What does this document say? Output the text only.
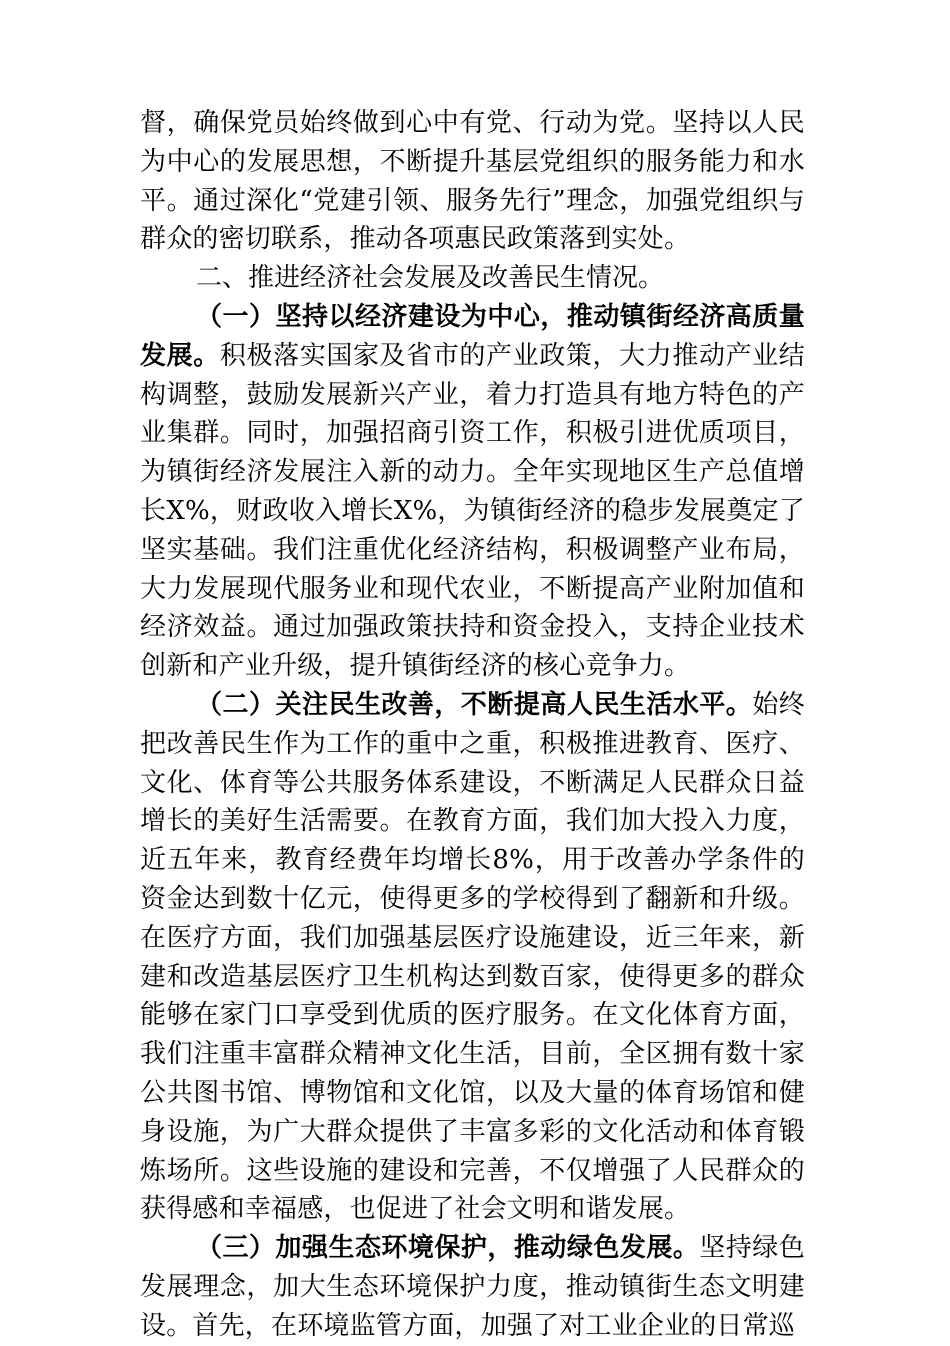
督，确保党员始终做到心中有党、行动为党。坚持以人民为中心的发展思想，不断提升基层党组织的服务能力和水平。通过深化“党建引领、服务先行”理念，加强党组织与群众的密切联系，推动各项惠民政策落到实处。

二、推进经济社会发展及改善民生情况。

（一）坚持以经济建设为中心，推动镇街经济高质量发展。积极落实国家及省市的产业政策，大力推动产业结构调整，鼓励发展新兴产业，着力打造具有地方特色的产业集群。同时，加强招商引资工作，积极引进优质项目，为镇街经济发展注入新的动力。全年实现地区生产总值增长X%，财政收入增长X%，为镇街经济的稳步发展奠定了坚实基础。我们注重优化经济结构，积极调整产业布局，大力发展现代服务业和现代农业，不断提高产业附加值和经济效益。通过加强政策扶持和资金投入，支持企业技术创新和产业升级，提升镇街经济的核心竞争力。

（二）关注民生改善，不断提高人民生活水平。始终把改善民生作为工作的重中之重，积极推进教育、医疗、文化、体育等公共服务体系建设，不断满足人民群众日益增长的美好生活需要。在教育方面，我们加大投入力度，近五年来，教育经费年均增长8%，用于改善办学条件的资金达到数十亿元，使得更多的学校得到了翻新和升级。在医疗方面，我们加强基层医疗设施建设，近三年来，新建和改造基层医疗卫生机构达到数百家，使得更多的群众能够在家门口享受到优质的医疗服务。在文化体育方面，我们注重丰富群众精神文化生活，目前，全区拥有数十家公共图书馆、博物馆和文化馆，以及大量的体育场馆和健身设施，为广大群众提供了丰富多彩的文化活动和体育锻炼场所。这些设施的建设和完善，不仅增强了人民群众的获得感和幸福感，也促进了社会文明和谐发展。

（三）加强生态环境保护，推动绿色发展。坚持绿色发展理念，加大生态环境保护力度，推动镇街生态文明建设。首先，在环境监管方面，加强了对工业企业的日常巡
